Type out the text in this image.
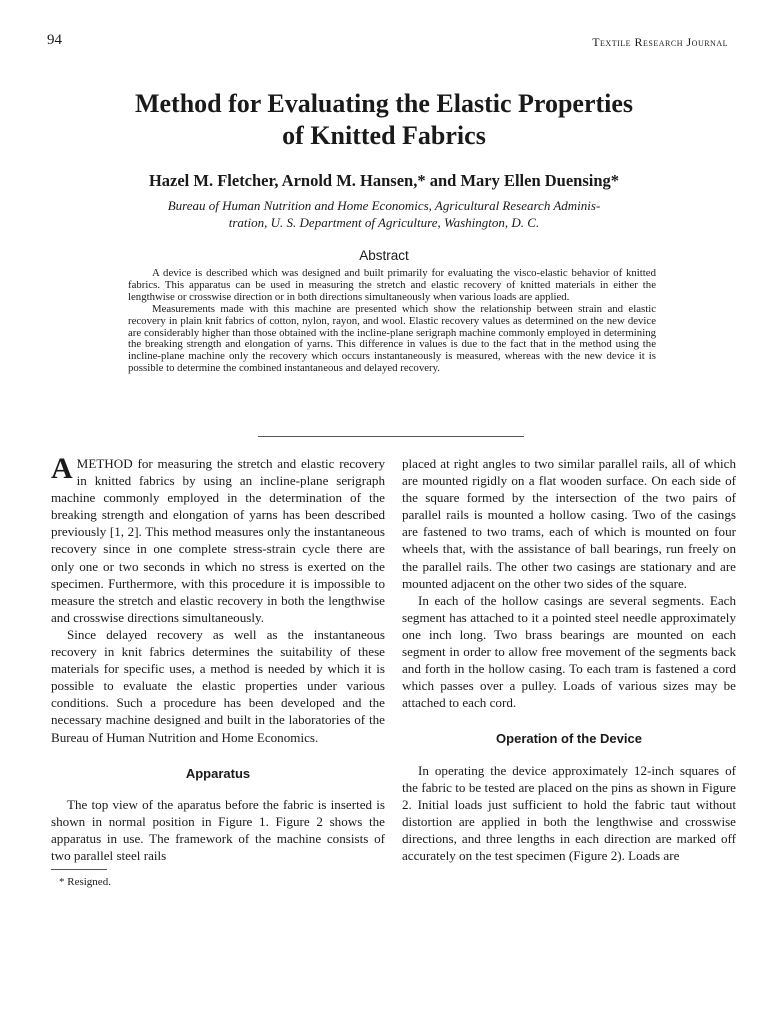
94	Textile Research Journal
Method for Evaluating the Elastic Properties
of Knitted Fabrics
Hazel M. Fletcher, Arnold M. Hansen,* and Mary Ellen Duensing*
Bureau of Human Nutrition and Home Economics, Agricultural Research Adminis-
tration, U. S. Department of Agriculture, Washington, D. C.
Abstract

A device is described which was designed and built primarily for evaluating the visco-elastic behavior of knitted fabrics. This apparatus can be used in measuring the stretch and elastic recovery of knitted materials in either the lengthwise or crosswise direction or in both directions simultaneously when various loads are applied.

Measurements made with this machine are presented which show the relationship between strain and elastic recovery in plain knit fabrics of cotton, nylon, rayon, and wool. Elastic recovery values as determined on the new device are considerably higher than those obtained with the incline-plane serigraph machine commonly employed in determining the breaking strength and elongation of yarns. This difference in values is due to the fact that in the method using the incline-plane machine only the recovery which occurs instantaneously is measured, whereas with the new device it is possible to determine the combined instantaneous and delayed recovery.

AMETHOD for measuring the stretch and elastic recovery in knitted fabrics by using an incline-plane serigraph machine commonly employed in the determination of the breaking strength and elongation of yarns has been described previously [1, 2]. This method measures only the instantaneous recovery since in one complete stress-strain cycle there are only one or two seconds in which no stress is exerted on the specimen. Furthermore, with this procedure it is impossible to measure the stretch and elastic recovery in both the lengthwise and crosswise directions simultaneously.

Since delayed recovery as well as the instantaneous recovery in knit fabrics determines the suitability of these materials for specific uses, a method is needed by which it is possible to evaluate the elastic properties under various conditions. Such a procedure has been developed and the necessary machine designed and built in the laboratories of the Bureau of Human Nutrition and Home Economics.

Apparatus

The top view of the aparatus before the fabric is inserted is shown in normal position in Figure 1. Figure 2 shows the apparatus in use. The framework of the machine consists of two parallel steel rails

* Resigned.

placed at right angles to two similar parallel rails, all of which are mounted rigidly on a flat wooden surface. On each side of the square formed by the intersection of the two pairs of parallel rails is mounted a hollow casing. Two of the casings are fastened to two trams, each of which is mounted on four wheels that, with the assistance of ball bearings, run freely on the parallel rails. The other two casings are stationary and are mounted adjacent on the other two sides of the square.

In each of the hollow casings are several segments. Each segment has attached to it a pointed steel needle approximately one inch long. Two brass bearings are mounted on each segment in order to allow free movement of the segments back and forth in the hollow casing. To each tram is fastened a cord which passes over a pulley. Loads of various sizes may be attached to each cord.

Operation of the Device

In operating the device approximately 12-inch squares of the fabric to be tested are placed on the pins as shown in Figure 2. Initial loads just sufficient to hold the fabric taut without distortion are applied in both the lengthwise and crosswise directions, and three lengths in each direction are marked off accurately on the test specimen (Figure 2). Loads are
